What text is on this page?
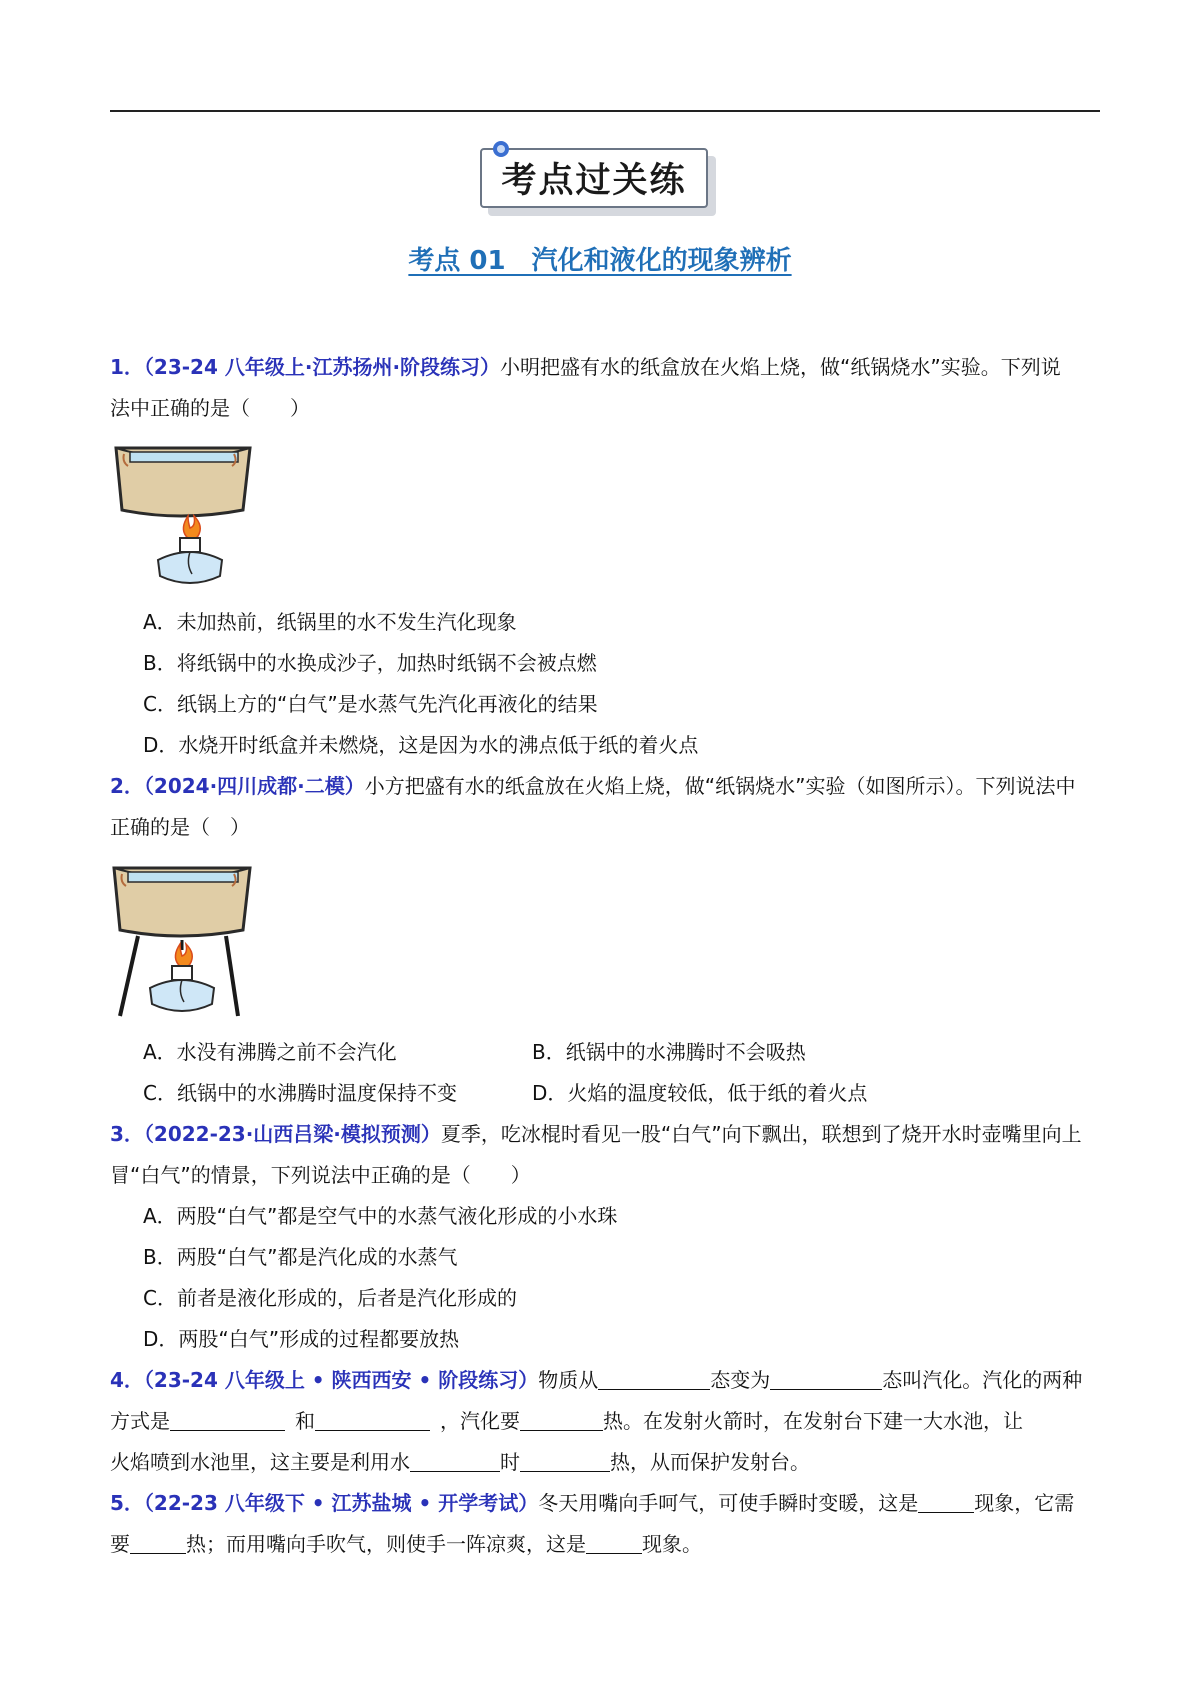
考点过关练
考点 01　汽化和液化的现象辨析
1．（23-24 八年级上·江苏扬州·阶段练习）小明把盛有水的纸盒放在火焰上烧，做“纸锅烧水”实验。下列说
法中正确的是（　　）
A．未加热前，纸锅里的水不发生汽化现象
B．将纸锅中的水换成沙子，加热时纸锅不会被点燃
C．纸锅上方的“白气”是水蒸气先汽化再液化的结果
D．水烧开时纸盒并未燃烧，这是因为水的沸点低于纸的着火点
2．（2024·四川成都·二模）小方把盛有水的纸盒放在火焰上烧，做“纸锅烧水”实验（如图所示）。下列说法中
正确的是（　）
A．水没有沸腾之前不会汽化	B．纸锅中的水沸腾时不会吸热
C．纸锅中的水沸腾时温度保持不变	D．火焰的温度较低，低于纸的着火点
3．（2022-23·山西吕梁·模拟预测）夏季，吃冰棍时看见一股“白气”向下飘出，联想到了烧开水时壶嘴里向上
冒“白气”的情景，下列说法中正确的是（　　）
A．两股“白气”都是空气中的水蒸气液化形成的小水珠
B．两股“白气”都是汽化成的水蒸气
C．前者是液化形成的，后者是汽化形成的
D．两股“白气”形成的过程都要放热
4．（23-24 八年级上 • 陕西西安 • 阶段练习）物质从	态变为	态叫汽化。汽化的两种
方式是	和	，汽化要	热。在发射火箭时，在发射台下建一大水池，让
火焰喷到水池里，这主要是利用水	时	热，从而保护发射台。
5．（22-23 八年级下 • 江苏盐城 • 开学考试）冬天用嘴向手呵气，可使手瞬时变暖，这是	现象，它需
要	热；而用嘴向手吹气，则使手一阵凉爽，这是	现象。
